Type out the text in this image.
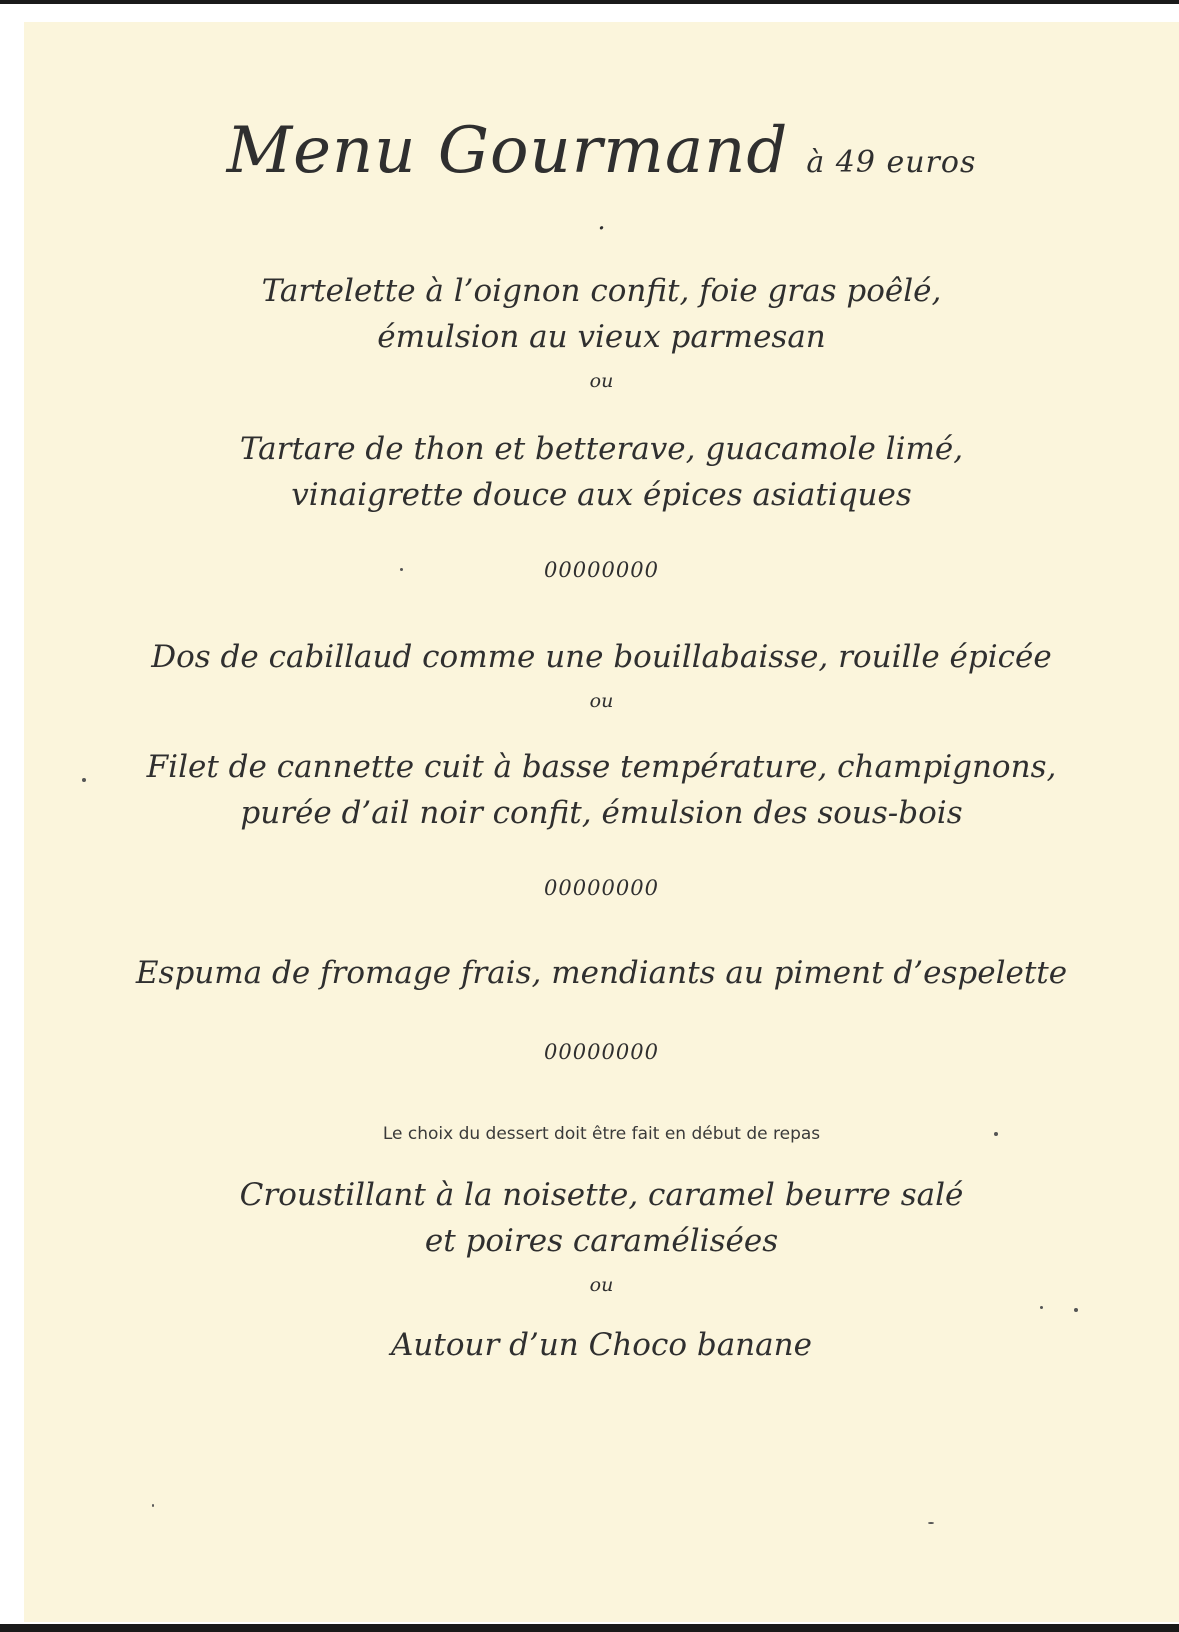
Menu Gourmand à 49 euros

.

Tartelette à l’oignon confit, foie gras poêlé,

émulsion au vieux parmesan

ou

Tartare de thon et betterave, guacamole limé,

vinaigrette douce aux épices asiatiques

00000000

Dos de cabillaud comme une bouillabaisse, rouille épicée

ou

Filet de cannette cuit à basse température, champignons,

purée d’ail noir confit, émulsion des sous-bois

00000000

Espuma de fromage frais, mendiants au piment d’espelette

00000000

Le choix du dessert doit être fait en début de repas

Croustillant à la noisette, caramel beurre salé

et poires caramélisées

ou

Autour d’un Choco banane
